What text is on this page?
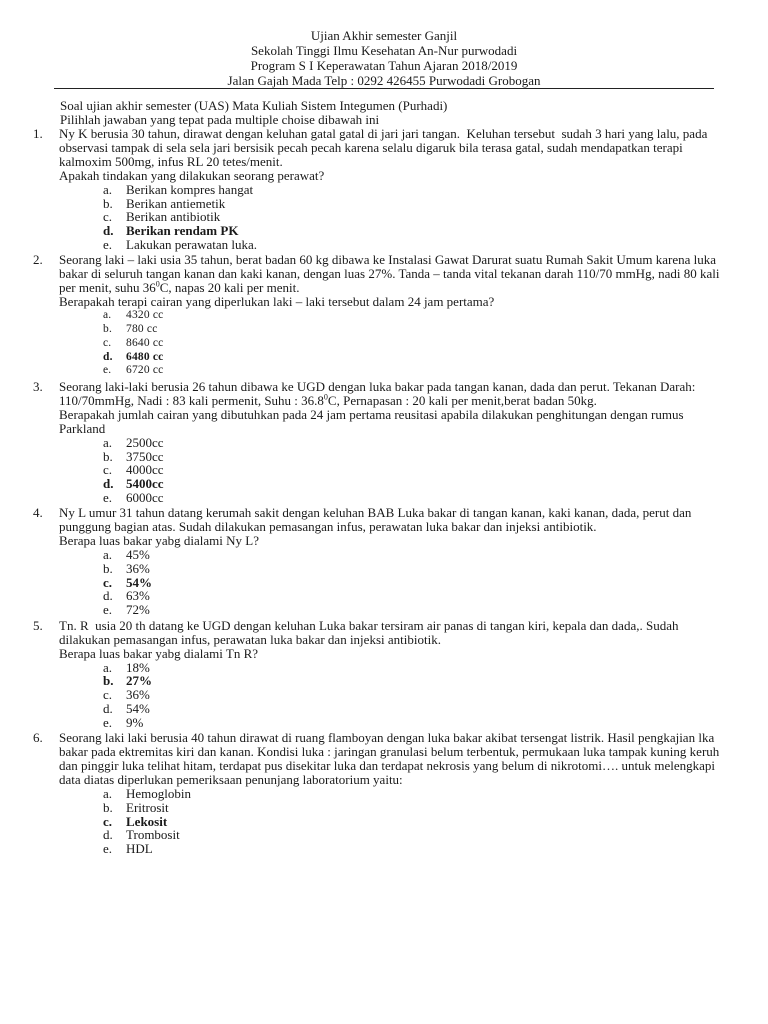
Ujian Akhir semester Ganjil
Sekolah Tinggi Ilmu Kesehatan An-Nur purwodadi
Program S I Keperawatan Tahun Ajaran 2018/2019
Jalan Gajah Mada Telp : 0292 426455 Purwodadi Grobogan
Soal ujian akhir semester (UAS) Mata Kuliah Sistem Integumen (Purhadi)
Pilihlah jawaban yang tepat pada multiple choise dibawah ini
1. Ny K berusia 30 tahun, dirawat dengan keluhan gatal gatal di jari jari tangan.  Keluhan tersebut  sudah 3 hari yang lalu, pada observasi tampak di sela sela jari bersisik pecah pecah karena selalu digaruk bila terasa gatal, sudah mendapatkan terapi kalmoxim 500mg, infus RL 20 tetes/menit.
Apakah tindakan yang dilakukan seorang perawat?
a. Berikan kompres hangat
b. Berikan antiemetik
c. Berikan antibiotik
d. Berikan rendam PK
e. Lakukan perawatan luka.
2. Seorang laki – laki usia 35 tahun, berat badan 60 kg dibawa ke Instalasi Gawat Darurat suatu Rumah Sakit Umum karena luka bakar di seluruh tangan kanan dan kaki kanan, dengan luas 27%. Tanda – tanda vital tekanan darah 110/70 mmHg, nadi 80 kali per menit, suhu $36^0C$, napas 20 kali per menit.
Berapakah terapi cairan yang diperlukan laki – laki tersebut dalam 24 jam pertama?
a. 4320 cc
b. 780 cc
c. 8640 cc
d. 6480 cc
e. 6720 cc
3. Seorang laki-laki berusia 26 tahun dibawa ke UGD dengan luka bakar pada tangan kanan, dada dan perut. Tekanan Darah: 110/70mmHg, Nadi : 83 kali permenit, Suhu : 36.8$^0$C, Pernapasan : 20 kali per menit,berat badan 50kg.
Berapakah jumlah cairan yang dibutuhkan pada 24 jam pertama reusitasi apabila dilakukan penghitungan dengan rumus Parkland
a. 2500cc
b. 3750cc
c. 4000cc
d. 5400cc
e. 6000cc
4. Ny L umur 31 tahun datang kerumah sakit dengan keluhan BAB Luka bakar di tangan kanan, kaki kanan, dada, perut dan punggung bagian atas. Sudah dilakukan pemasangan infus, perawatan luka bakar dan injeksi antibiotik.
Berapa luas bakar yabg dialami Ny L?
a. 45%
b. 36%
c. 54%
d. 63%
e. 72%
5. Tn. R  usia 20 th datang ke UGD dengan keluhan Luka bakar tersiram air panas di tangan kiri, kepala dan dada,. Sudah dilakukan pemasangan infus, perawatan luka bakar dan injeksi antibiotik.
Berapa luas bakar yabg dialami Tn R?
a. 18%
b. 27%
c. 36%
d. 54%
e. 9%
6. Seorang laki laki berusia 40 tahun dirawat di ruang flamboyan dengan luka bakar akibat tersengat listrik. Hasil pengkajian lka bakar pada ektremitas kiri dan kanan. Kondisi luka : jaringan granulasi belum terbentuk, permukaan luka tampak kuning keruh dan pinggir luka telihat hitam, terdapat pus disekitar luka dan terdapat nekrosis yang belum di nikrotomi…. untuk melengkapi data diatas diperlukan pemeriksaan penunjang laboratorium yaitu:
a. Hemoglobin
b. Eritrosit
c. Lekosit
d. Trombosit
e. HDL
